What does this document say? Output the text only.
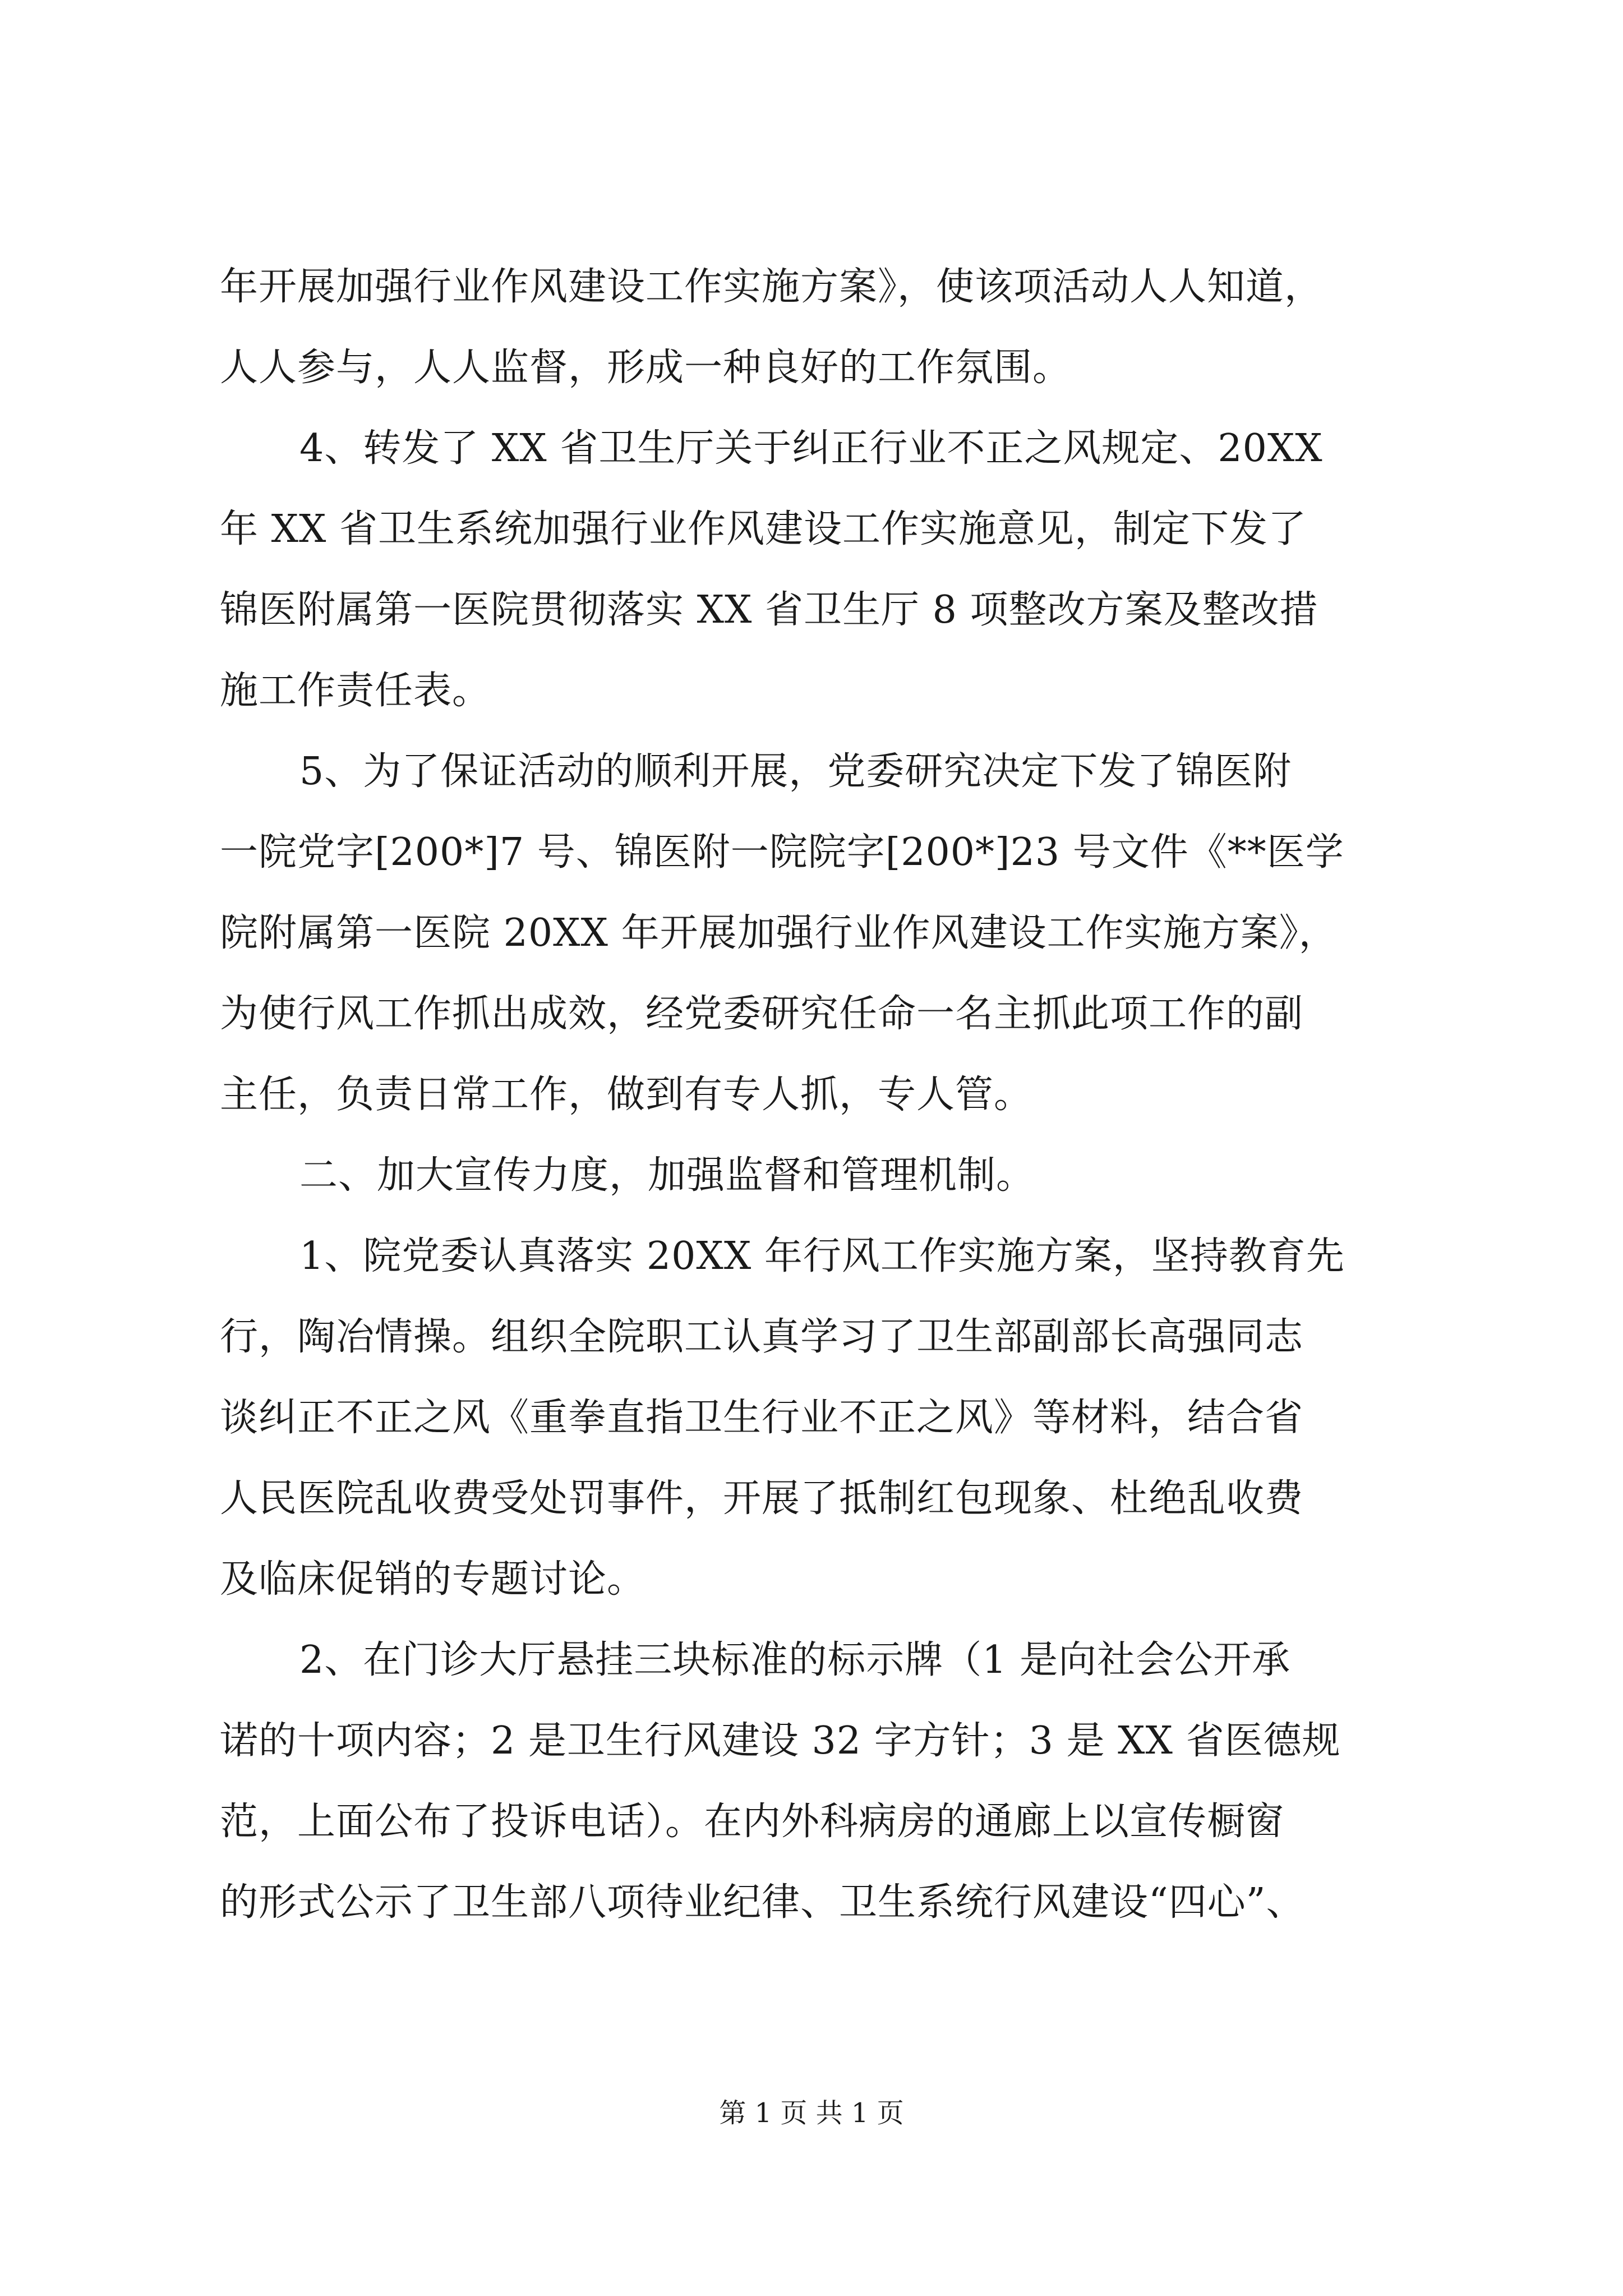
年开展加强行业作风建设工作实施方案》，使该项活动人人知道，
人人参与，人人监督，形成一种良好的工作氛围。
4、转发了 XX 省卫生厅关于纠正行业不正之风规定、20XX
年 XX 省卫生系统加强行业作风建设工作实施意见，制定下发了
锦医附属第一医院贯彻落实 XX 省卫生厅 8 项整改方案及整改措
施工作责任表。
5、为了保证活动的顺利开展，党委研究决定下发了锦医附
一院党字[200*]7 号、锦医附一院院字[200*]23 号文件《**医学
院附属第一医院 20XX 年开展加强行业作风建设工作实施方案》，
为使行风工作抓出成效，经党委研究任命一名主抓此项工作的副
主任，负责日常工作，做到有专人抓，专人管。
二、加大宣传力度，加强监督和管理机制。
1、院党委认真落实 20XX 年行风工作实施方案，坚持教育先
行，陶冶情操。组织全院职工认真学习了卫生部副部长高强同志
谈纠正不正之风《重拳直指卫生行业不正之风》等材料，结合省
人民医院乱收费受处罚事件，开展了抵制红包现象、杜绝乱收费
及临床促销的专题讨论。
2、在门诊大厅悬挂三块标准的标示牌（1 是向社会公开承
诺的十项内容；2 是卫生行风建设 32 字方针；3 是 XX 省医德规
范，上面公布了投诉电话）。在内外科病房的通廊上以宣传橱窗
的形式公示了卫生部八项待业纪律、卫生系统行风建设“四心”、
第 1 页 共 1 页
